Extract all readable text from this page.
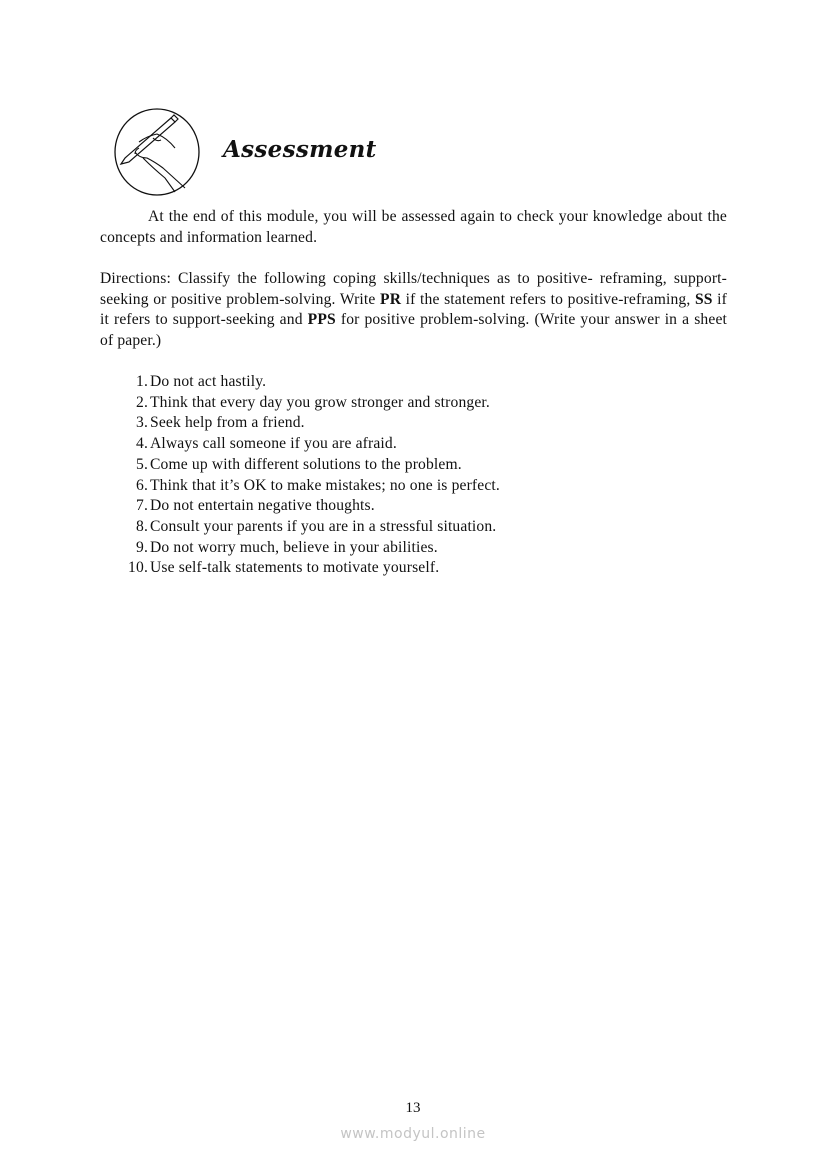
Assessment
At the end of this module, you will be assessed again to check your knowledge about the concepts and information learned.
Directions: Classify the following coping skills/techniques as to positive- reframing, support-seeking or positive problem-solving. Write PR if the statement refers to positive-reframing, SS if it refers to support-seeking and PPS for positive problem-solving. (Write your answer in a sheet of paper.)
1. Do not act hastily.
2. Think that every day you grow stronger and stronger.
3. Seek help from a friend.
4. Always call someone if you are afraid.
5. Come up with different solutions to the problem.
6. Think that it’s OK to make mistakes; no one is perfect.
7. Do not entertain negative thoughts.
8. Consult your parents if you are in a stressful situation.
9. Do not worry much, believe in your abilities.
10. Use self-talk statements to motivate yourself.
13
www.modyul.online
